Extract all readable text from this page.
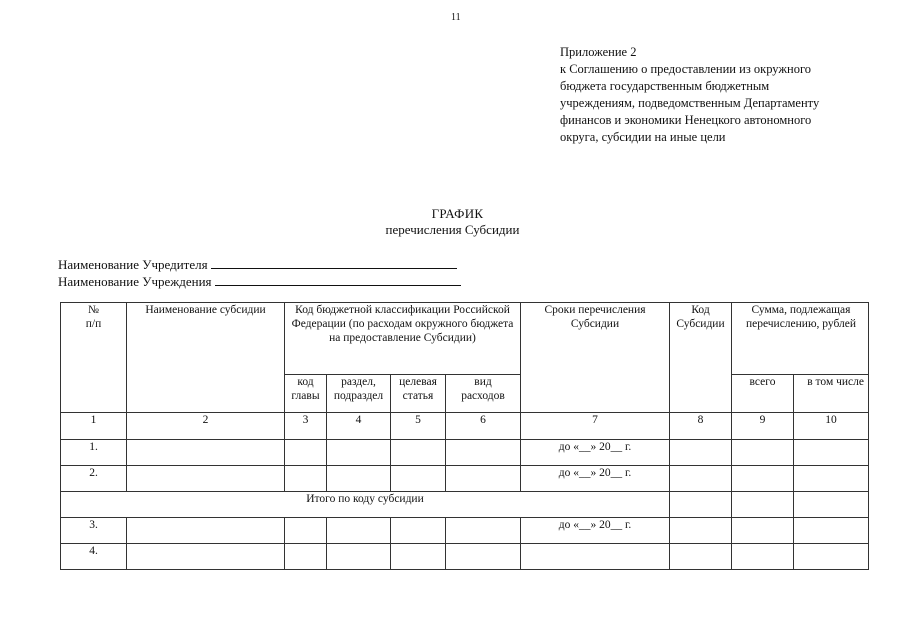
11
Приложение 2
к Соглашению о предоставлении из окружного
бюджета государственным бюджетным
учреждениям, подведомственным Департаменту
финансов и экономики Ненецкого автономного
округа, субсидии на иные цели
ГРАФИК
перечисления Субсидии
Наименование Учредителя
Наименование Учреждения
№
п/п	Наименование субсидии	Код бюджетной классификации Российской Федерации (по расходам окружного бюджета на предоставление Субсидии)				Сроки перечисления Субсидии	Код Субсидии	Сумма, подлежащая перечислению, рублей	
		код главы	раздел, подраздел	целевая статья	вид расходов			всего	в том числе
1	2	3	4	5	6	7	8	9	10
1.						до «__» 20__ г.			
2.						до «__» 20__ г.			
Итого по коду субсидии									
3.						до «__» 20__ г.			
4.									
